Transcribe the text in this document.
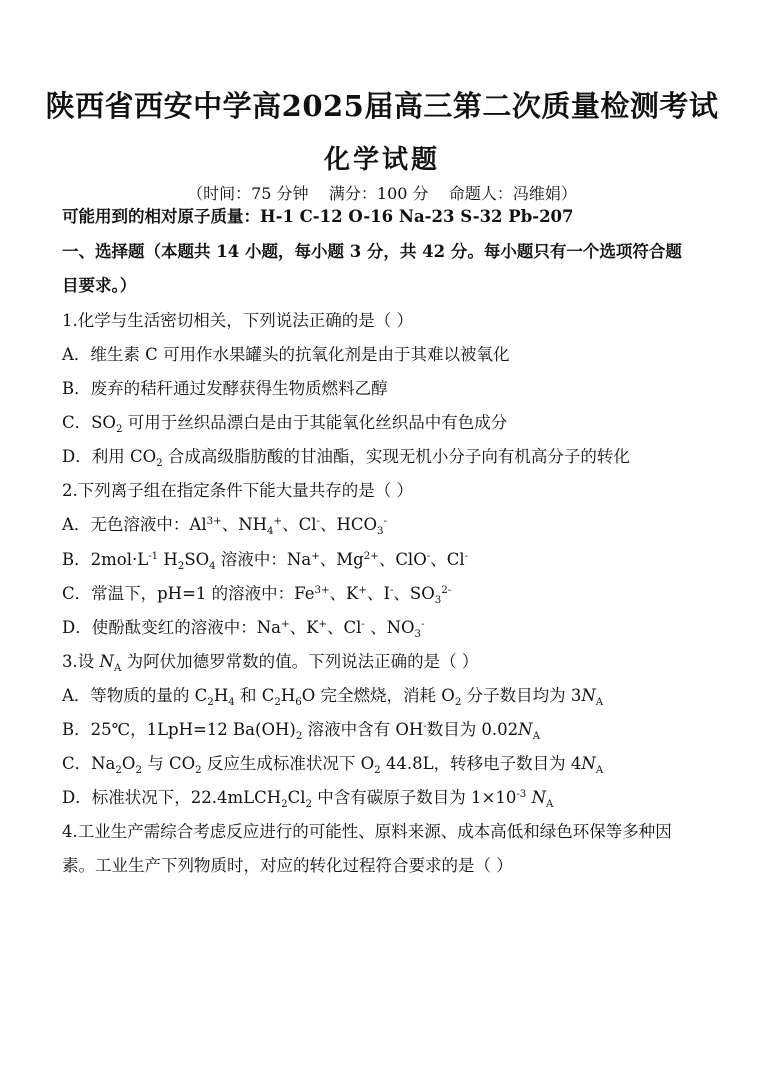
陕西省西安中学高2025届高三第二次质量检测考试
化学试题
（时间：75 分钟    满分：100 分    命题人：冯维娟）
可能用到的相对原子质量：H-1 C-12 O-16 Na-23 S-32 Pb-207
一、选择题（本题共 14 小题，每小题 3 分，共 42 分。每小题只有一个选项符合题
目要求。）
1.化学与生活密切相关，下列说法正确的是（ ）
A．维生素 C 可用作水果罐头的抗氧化剂是由于其难以被氧化
B．废弃的秸秆通过发酵获得生物质燃料乙醇
C．$SO_2$ 可用于丝织品漂白是由于其能氧化丝织品中有色成分
D．利用 $CO_2$ 合成高级脂肪酸的甘油酯，实现无机小分子向有机高分子的转化
2.下列离子组在指定条件下能大量共存的是（ ）
A．无色溶液中：$Al^{3+}$、$NH_4^+$、Cl-、$HCO_3^-$
B．$2mol\cdot L^{-1}$ $H_2SO_4$ 溶液中：Na+、$Mg^{2+}$、ClO-、Cl-
C．常温下，pH=1 的溶液中：$Fe^{3+}$、K+、I-、$SO_3^{2-}$
D．使酚酞变红的溶液中：Na+、K+、Cl- 、$NO_3^-$
3.设 $N_A$ 为阿伏加德罗常数的值。下列说法正确的是（ ）
A．等物质的量的 $C_2H_4$ 和 $C_2H_6O$ 完全燃烧，消耗 $O_2$ 分子数目均为 $3N_A$
B．25℃，1LpH=12 $Ba(OH)_2$ 溶液中含有 OH-数目为 $0.02N_A$
C．$Na_2O_2$ 与 $CO_2$ 反应生成标准状况下 $O_2$ 44.8L，转移电子数目为 $4N_A$
D．标准状况下，$22.4mLCH_2Cl_2$ 中含有碳原子数目为 $1\times 10^{-3}$ $N_A$
4.工业生产需综合考虑反应进行的可能性、原料来源、成本高低和绿色环保等多种因
素。工业生产下列物质时，对应的转化过程符合要求的是（ ）
